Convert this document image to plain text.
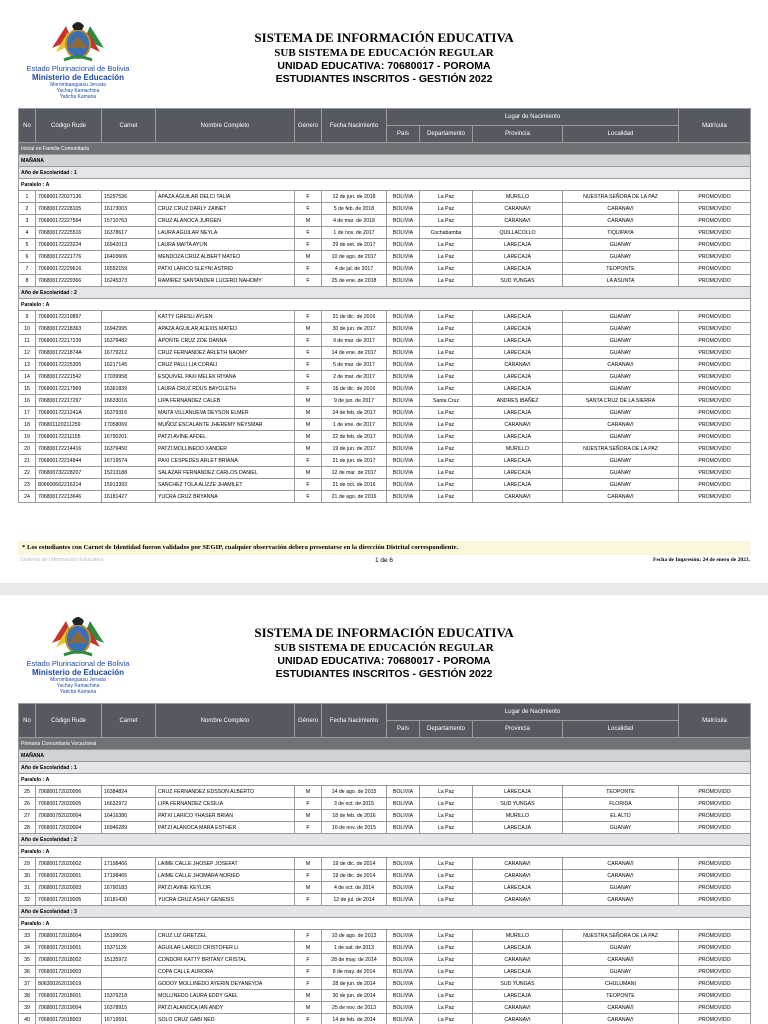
Estado Plurinacional de Bolivia
Ministerio de Educación
Morombaeguasu Jeroata
Yachay Kamachina
Yaticha Kamana
SISTEMA DE INFORMACIÓN EDUCATIVA
SUB SISTEMA DE EDUCACIÓN REGULAR
UNIDAD EDUCATIVA: 70680017 - POROMA
ESTUDIANTES INSCRITOS - GESTIÓN 2022
No	Código Rude	Carnet	Nombre Completo	Género	Fecha Nacimiento	Lugar de Nacimiento				Matrícula
						País	Departamento	Provincia	Localidad	
Inicial en Familia Comunitaria										
MAÑANA										
Año de Escolaridad : 1										
Paralelo : A										
1	706800172027136	15297536	APAZA AGUILAR DELCI TALIA	F	12 de jun. de 2018	BOLIVIA	La Paz	MURILLO	NUESTRA SEÑORA DE LA PAZ	PROMOVIDO
2	706800172228105	16173003	CRUZ CRUZ DARLY ZAINET	F	5 de feb. de 2018	BOLIVIA	La Paz	CARANAVI	CARANAVI	PROMOVIDO
3	706800172227564	15710763	CRUZ ALANOCA JURGEN	M	4 de mar. de 2018	BOLIVIA	La Paz	CARANAVI	CARANAVI	PROMOVIDO
4	706800172225516	16378617	LAURA AGUILAR NEYLA	F	1 de nov. de 2017	BOLIVIA	Cochabamba	QUILLACOLLO	TIQUIPAYA	PROMOVIDO
5	706800172223224	16942013	LAURA MAITA AYLIN	F	29 de set. de 2017	BOLIVIA	La Paz	LARECAJA	GUANAY	PROMOVIDO
6	706800172221776	16403606	MENDOZA CRUZ ALBERT MATEO	M	10 de ago. de 2017	BOLIVIA	La Paz	LARECAJA	GUANAY	PROMOVIDO
7	706800172229616	16552159	PATXI LARICO SLEYNI ASTRID	F	4 de jul. de 2017	BOLIVIA	La Paz	LARECAJA	TEOPONTE	PROMOVIDO
8	706800172229366	16245373	RAMIREZ SANTANDER LUCERO NAHOMY	F	25 de ene. de 2018	BOLIVIA	La Paz	SUD YUNGAS	LA ASUNTA	PROMOVIDO
Año de Escolaridad : 2										
Paralelo : A										
9	706800172219897		KATTY GRESLI AYLEN	F	31 de dic. de 2016	BOLIVIA	La Paz	LARECAJA	GUANAY	PROMOVIDO
10	706800172218363	16942995	APAZA AGUILAR ALEXIS MATEO	M	30 de jun. de 2017	BOLIVIA	La Paz	LARECAJA	GUANAY	PROMOVIDO
11	706800172217239	16379482	APONTE CRUZ ZOE DANNA	F	9 de mar. de 2017	BOLIVIA	La Paz	LARECAJA	GUANAY	PROMOVIDO
12	70680017221874A	16779212	CRUZ FERNANDEZ ARLETH NAOMY	F	14 de ene. de 2017	BOLIVIA	La Paz	LARECAJA	GUANAY	PROMOVIDO
13	706800172225305	16217145	CRUZ PALLI LIA CORALI	F	5 de mar. de 2017	BOLIVIA	La Paz	CARANAVI	CARANAVI	PROMOVIDO
14	706800172221542	17039958	ESQUIVEL PAXI MELEK RIYANA	F	2 de mar. de 2017	BOLIVIA	La Paz	LARECAJA	GUANAY	PROMOVIDO
15	706800172217969	16361839	LAURA CRUZ RDUS BAYOLETH	F	16 de dic. de 2016	BOLIVIA	La Paz	LARECAJA	GUANAY	PROMOVIDO
16	706800172217297	16633016	LIPA FERNANDEZ CALEB	M	9 de jun. de 2017	BOLIVIA	Santa Cruz	ANDRES IBAÑEZ	SANTA CRUZ DE LA SIERRA	PROMOVIDO
17	70680017221241A	16379316	MAITA VILLANUEVA DEYSON ELMER	M	24 de feb. de 2017	BOLIVIA	La Paz	LARECAJA	GUANAY	PROMOVIDO
18	706801120211259	17058069	MUÑOZ ESCALANTE JHEREMY NEYSMAR	M	1 de ene. de 2017	BOLIVIA	La Paz	CARANAVI	CARANAVI	PROMOVIDO
19	706800172211155	16790201	PATZI AVINE AFDEL	M	22 de feb. de 2017	BOLIVIA	La Paz	LARECAJA	GUANAY	PROMOVIDO
20	706800172214416	16379450	PATZI MOLLINEDO XANDER	M	19 de jun. de 2017	BOLIVIA	La Paz	MURILLO	NUESTRA SEÑORA DE LA PAZ	PROMOVIDO
21	706800172214844	16719574	PAXI CESPEDES ARLET BRIANA	F	21 de jun. de 2017	BOLIVIA	La Paz	LARECAJA	GUANAY	PROMOVIDO
22	706800732228207	15213188	SALAZAR FERNANDEZ CARLOS DANIEL	M	12 de mar. de 2017	BOLIVIA	La Paz	LARECAJA	GUANAY	PROMOVIDO
23	806600662216214	15913393	SANCHEZ TOLA ALIZZE JHAMILET	F	21 de oct. de 2016	BOLIVIA	La Paz	LARECAJA	GUANAY	PROMOVIDO
24	706800172213646	16181427	YUCRA CRUZ BRYANNA	F	21 de ago. de 2016	BOLIVIA	La Paz	CARANAVI	CARANAVI	PROMOVIDO
* Los estudiantes con Carnet de Identidad fueron validados por SEGIP, cualquier observación debera presentarse en la dirección Distrital correspondiente.
Sistema de Información Educativa	1 de 6	Fecha de Impresión: 24 de enero de 2023.
Estado Plurinacional de Bolivia
Ministerio de Educación
Morombaeguasu Jeroata
Yachay Kamachina
Yaticha Kamana
SISTEMA DE INFORMACIÓN EDUCATIVA
SUB SISTEMA DE EDUCACIÓN REGULAR
UNIDAD EDUCATIVA: 70680017 - POROMA
ESTUDIANTES INSCRITOS - GESTIÓN 2022
No	Código Rude	Carnet	Nombre Completo	Género	Fecha Nacimiento	Lugar de Nacimiento				Matrícula
						País	Departamento	Provincia	Localidad	
Primaria Comunitaria Vocacional										
MAÑANA										
Año de Escolaridad : 1										
Paralelo : A										
25	706800172020006	16384824	CRUZ FERNANDEZ EDSSON ALBERTO	M	14 de ago. de 2015	BOLIVIA	La Paz	LARECAJA	TEOPONTE	PROMOVIDO
26	706800172020005	16632972	LIPA FERNANDEZ CESILIA	F	3 de oct. de 2015	BOLIVIA	La Paz	SUD YUNGAS	FLORIDA	PROMOVIDO
27	706800782020004	16416380	PATXI LARICO YHASER BRIAN	M	18 de feb. de 2016	BOLIVIA	La Paz	MURILLO	EL ALTO	PROMOVIDO
28	706800172020004	16946289	PATZI ALANOCA MARA ESTHER	F	16 de nov. de 2015	BOLIVIA	La Paz	LARECAJA	GUANAY	PROMOVIDO
Año de Escolaridad : 2										
Paralelo : A										
29	706800172020002	17198466	LAIME CALLE JHOSEP JOSEFAT	M	19 de dic. de 2014	BOLIVIA	La Paz	CARANAVI	CARANAVI	PROMOVIDO
30	706800172020001	17198465	LAIME CALLE JHOMARA NORIED	F	19 de dic. de 2014	BOLIVIA	La Paz	CARANAVI	CARANAVI	PROMOVIDO
31	706800172020003	16790183	PATZI AVINE KEYLOR	M	4 de oct. de 2014	BOLIVIA	La Paz	LARECAJA	GUANAY	PROMOVIDO
32	706800172019005	16181430	YUCRA CRUZ ASHLY GENESIS	F	12 de jul. de 2014	BOLIVIA	La Paz	CARANAVI	CARANAVI	PROMOVIDO
Año de Escolaridad : 3										
Paralelo : A										
33	706800172018004	15199026	CRUZ LIZ GRETZEL	F	10 de ago. de 2013	BOLIVIA	La Paz	MURILLO	NUESTRA SEÑORA DE LA PAZ	PROMOVIDO
34	706800172019001	15371139	AGUILAR LARICO CRISTOFER LI	M	1 de sat. de 2013	BOLIVIA	La Paz	LARECAJA	GUANAY	PROMOVIDO
35	706800172018002	15135972	CONDORI KATTY BRITANY CRISTAL	F	28 de may. de 2014	BOLIVIA	La Paz	CARANAVI	CARANAVI	PROMOVIDO
36	706800172019003		COPA CALLE AURORA	F	8 de may. de 2014	BOLIVIA	La Paz	LARECAJA	GUANAY	PROMOVIDO
37	806300262019019		GODOY MOLLINEDO AYERIN DEYANEYDA	F	28 de jun. de 2014	BOLIVIA	La Paz	SUD YUNGAS	CHULUMANI	PROMOVIDO
38	706800172018001	15379218	MOLLINEDO LAURA EDDY GAEL	M	30 de jun. de 2014	BOLIVIA	La Paz	LARECAJA	TEOPONTE	PROMOVIDO
39	706800172019004	16378915	PATZI ALANOCA IAN ANDY	M	25 de nov. de 2013	BOLIVIA	La Paz	CARANAVI	CARANAVI	PROMOVIDO
40	706800172018003	16719591	SOLO CRUZ GABI NED	F	14 de feb. de 2014	BOLIVIA	La Paz	CARANAVI	CARANAVI	PROMOVIDO
